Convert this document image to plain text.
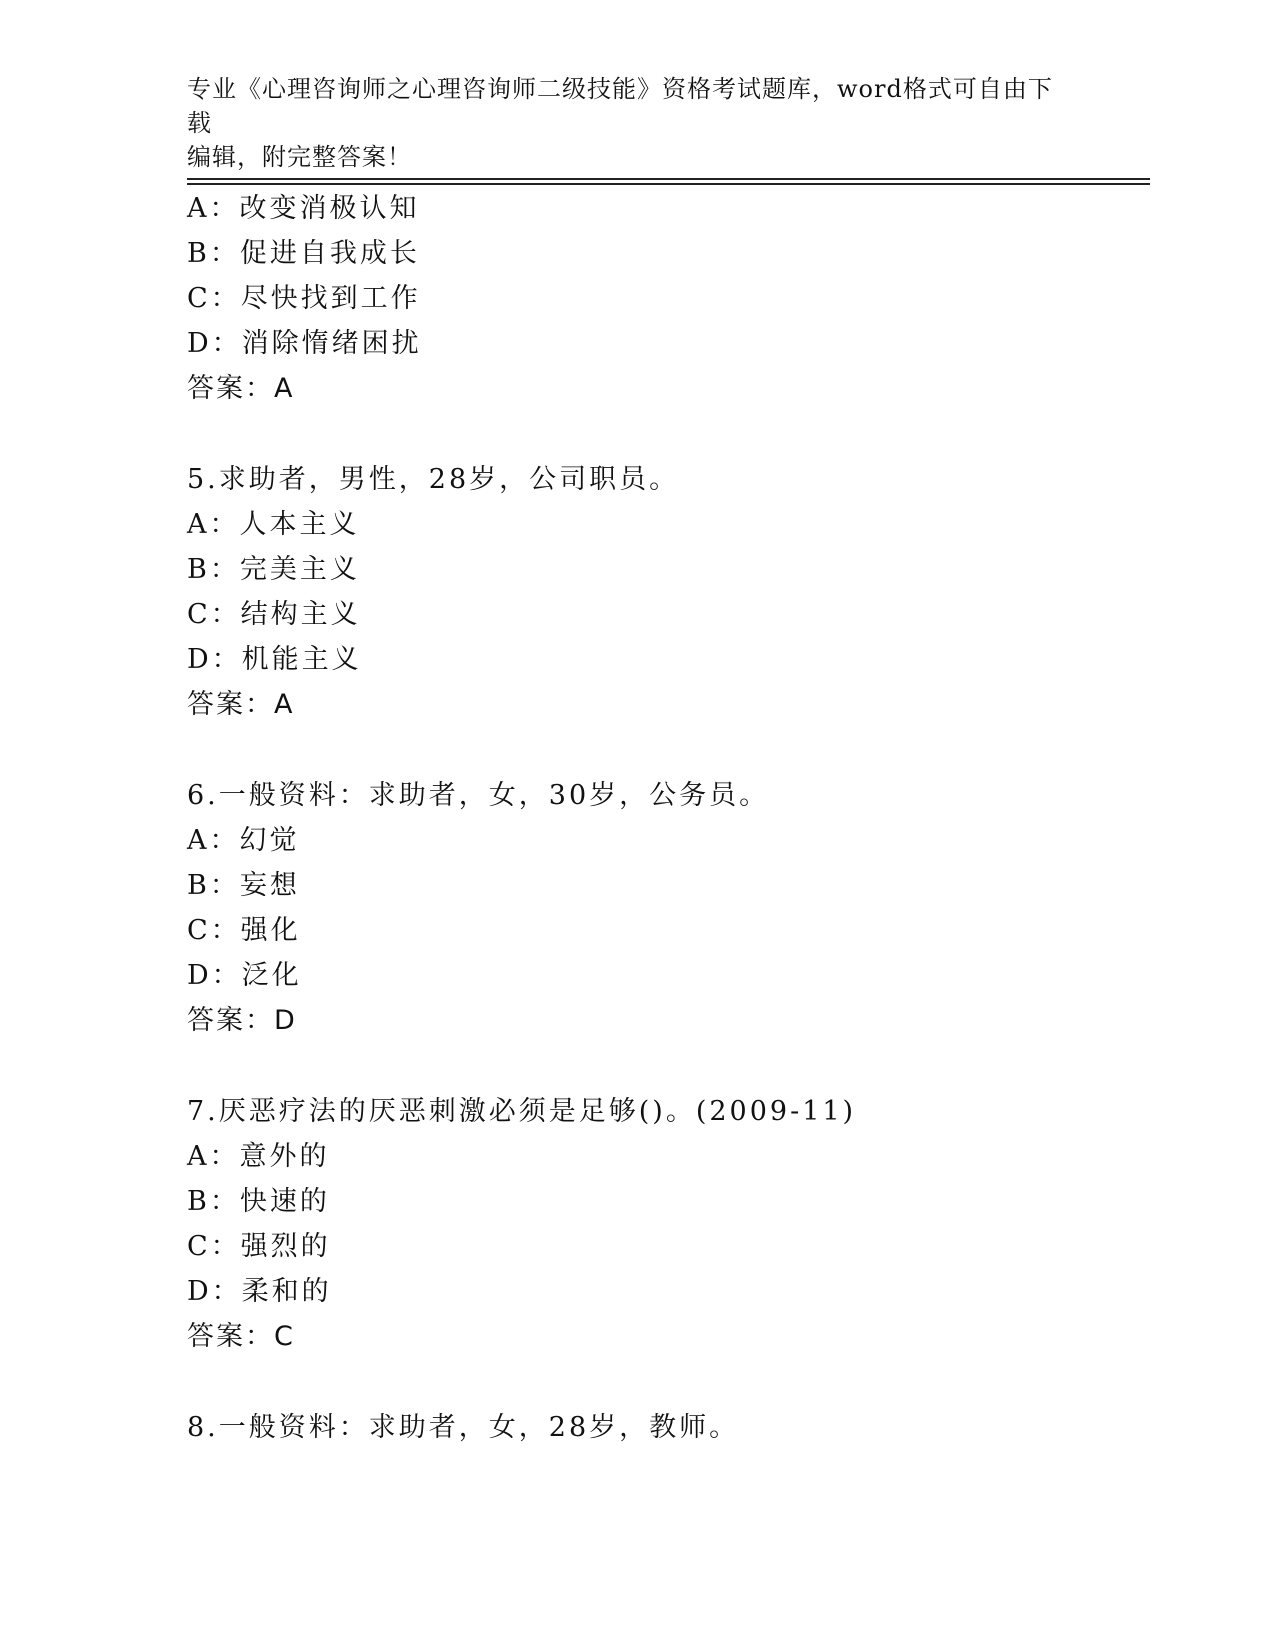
专业《心理咨询师之心理咨询师二级技能》资格考试题库，word格式可自由下载
编辑，附完整答案！
A：改变消极认知
B：促进自我成长
C：尽快找到工作
D：消除惰绪困扰
答案：A
5.求助者，男性，28岁，公司职员。
A：人本主义
B：完美主义
C：结构主义
D：机能主义
答案：A
6.一般资料：求助者，女，30岁，公务员。
A：幻觉
B：妄想
C：强化
D：泛化
答案：D
7.厌恶疗法的厌恶刺激必须是足够()。(2009-11)
A：意外的
B：快速的
C：强烈的
D：柔和的
答案：C
8.一般资料：求助者，女，28岁，教师。
